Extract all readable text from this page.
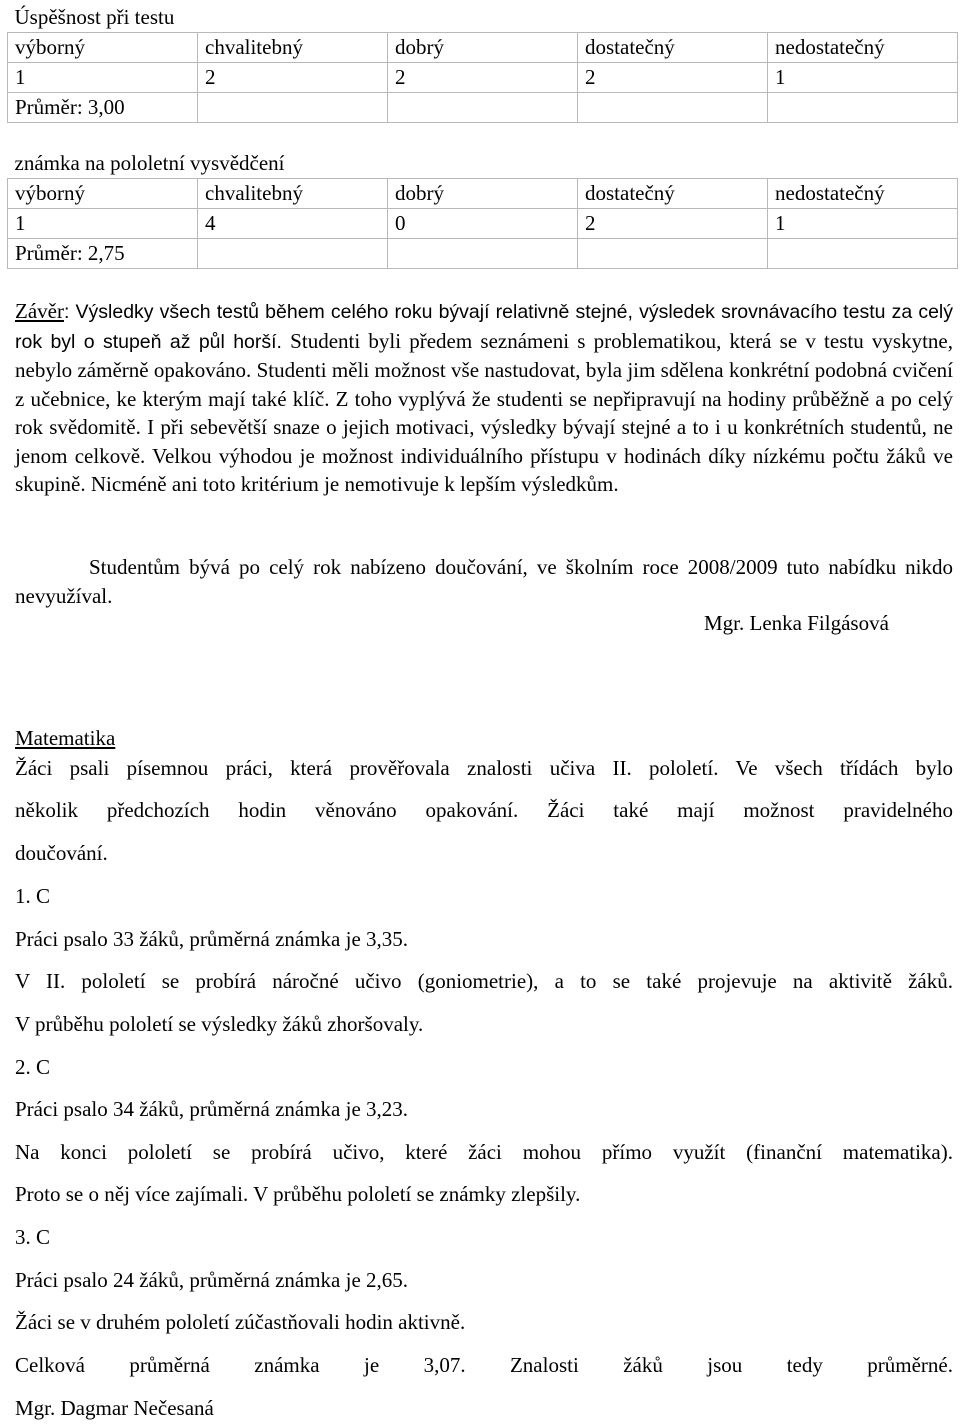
Úspěšnost při testu				
výborný	chvalitebný	dobrý	dostatečný	nedostatečný
1	2	2	2	1
Průměr: 3,00				
známka na pololetní vysvědčení				
výborný	chvalitebný	dobrý	dostatečný	nedostatečný
1	4	0	2	1
Průměr: 2,75				
Závěr: Výsledky všech testů během celého roku bývají relativně stejné, výsledek srovnávacího testu za celý rok byl o stupeň až půl horší. Studenti byli předem seznámeni s problematikou, která se v testu vyskytne, nebylo záměrně opakováno. Studenti měli možnost vše nastudovat, byla jim sdělena konkrétní podobná cvičení z učebnice, ke kterým mají také klíč. Z toho vyplývá že studenti se nepřipravují na hodiny průběžně a po celý rok svědomitě. I při sebevětší snaze o jejich motivaci, výsledky bývají stejné a to i u konkrétních studentů, ne jenom celkově. Velkou výhodou je možnost individuálního přístupu v hodinách díky nízkému počtu žáků ve skupině. Nicméně ani toto kritérium je nemotivuje k lepším výsledkům.
Studentům bývá po celý rok nabízeno doučování, ve školním roce 2008/2009 tuto nabídku nikdo nevyužíval.
Mgr. Lenka Filgásová
Matematika
Žáci psali písemnou práci, která prověřovala znalosti učiva II. pololetí. Ve všech třídách bylo
několik předchozích hodin věnováno opakování. Žáci také mají možnost pravidelného
doučování.
1. C
Práci psalo 33 žáků, průměrná známka je 3,35.
V II. pololetí se probírá náročné učivo (goniometrie), a to se také projevuje na aktivitě žáků.
V průběhu pololetí se výsledky žáků zhoršovaly.
2. C
Práci psalo 34 žáků, průměrná známka je 3,23.
Na konci pololetí se probírá učivo, které žáci mohou přímo využít (finanční matematika).
Proto se o něj více zajímali. V průběhu pololetí se známky zlepšily.
3. C
Práci psalo 24 žáků, průměrná známka je 2,65.
Žáci se v druhém pololetí zúčastňovali hodin aktivně.
Celková průměrná známka je 3,07. Znalosti žáků jsou tedy průměrné.
Mgr. Dagmar Nečesaná
